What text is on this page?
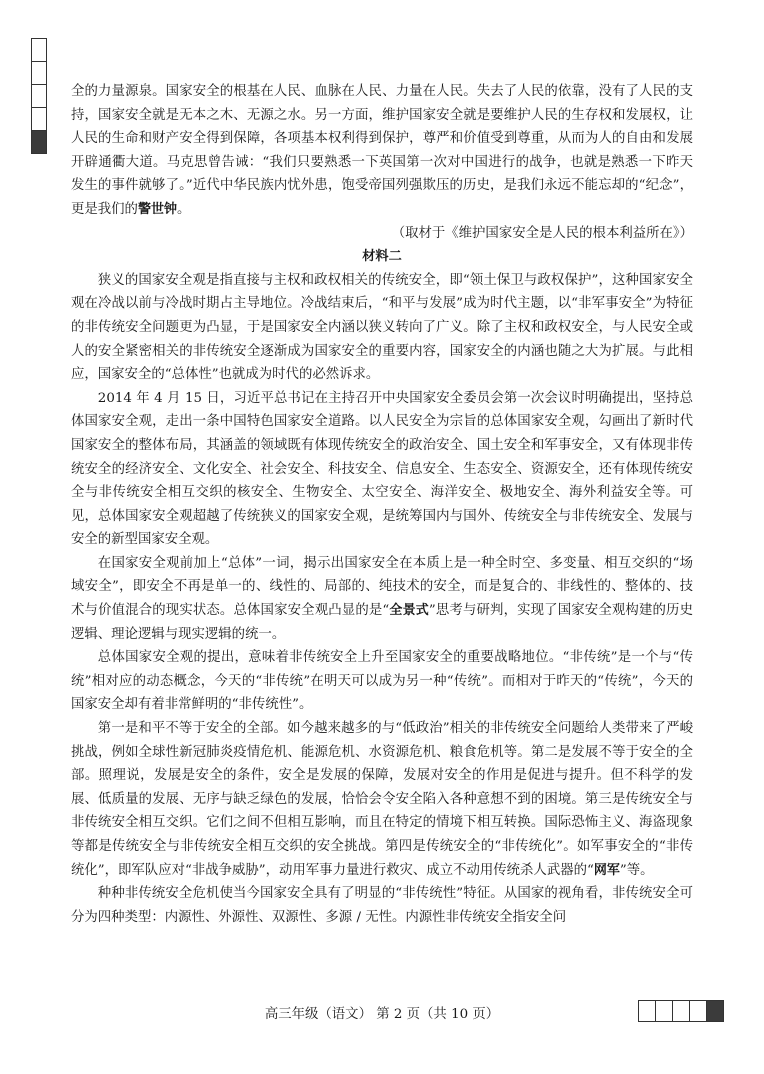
全的力量源泉。国家安全的根基在人民、血脉在人民、力量在人民。失去了人民的依靠，没有了人民的支持，国家安全就是无本之木、无源之水。另一方面，维护国家安全就是要维护人民的生存权和发展权，让人民的生命和财产安全得到保障，各项基本权利得到保护，尊严和价值受到尊重，从而为人的自由和发展开辟通衢大道。马克思曾告诫：“我们只要熟悉一下英国第一次对中国进行的战争，也就是熟悉一下昨天发生的事件就够了。”近代中华民族内忧外患，饱受帝国列强欺压的历史，是我们永远不能忘却的“纪念”，更是我们的警世钟。

（取材于《维护国家安全是人民的根本利益所在》）

材料二

狭义的国家安全观是指直接与主权和政权相关的传统安全，即“领土保卫与政权保护”，这种国家安全观在冷战以前与冷战时期占主导地位。冷战结束后，“和平与发展”成为时代主题，以“非军事安全”为特征的非传统安全问题更为凸显，于是国家安全内涵以狭义转向了广义。除了主权和政权安全，与人民安全或人的安全紧密相关的非传统安全逐渐成为国家安全的重要内容，国家安全的内涵也随之大为扩展。与此相应，国家安全的“总体性”也就成为时代的必然诉求。

2014 年 4 月 15 日，习近平总书记在主持召开中央国家安全委员会第一次会议时明确提出，坚持总体国家安全观，走出一条中国特色国家安全道路。以人民安全为宗旨的总体国家安全观，勾画出了新时代国家安全的整体布局，其涵盖的领域既有体现传统安全的政治安全、国土安全和军事安全，又有体现非传统安全的经济安全、文化安全、社会安全、科技安全、信息安全、生态安全、资源安全，还有体现传统安全与非传统安全相互交织的核安全、生物安全、太空安全、海洋安全、极地安全、海外利益安全等。可见，总体国家安全观超越了传统狭义的国家安全观，是统筹国内与国外、传统安全与非传统安全、发展与安全的新型国家安全观。

在国家安全观前加上“总体”一词，揭示出国家安全在本质上是一种全时空、多变量、相互交织的“场域安全”，即安全不再是单一的、线性的、局部的、纯技术的安全，而是复合的、非线性的、整体的、技术与价值混合的现实状态。总体国家安全观凸显的是“全景式”思考与研判，实现了国家安全观构建的历史逻辑、理论逻辑与现实逻辑的统一。

总体国家安全观的提出，意味着非传统安全上升至国家安全的重要战略地位。“非传统”是一个与“传统”相对应的动态概念，今天的“非传统”在明天可以成为另一种“传统”。而相对于昨天的“传统”，今天的国家安全却有着非常鲜明的“非传统性”。

第一是和平不等于安全的全部。如今越来越多的与“低政治”相关的非传统安全问题给人类带来了严峻挑战，例如全球性新冠肺炎疫情危机、能源危机、水资源危机、粮食危机等。第二是发展不等于安全的全部。照理说，发展是安全的条件，安全是发展的保障，发展对安全的作用是促进与提升。但不科学的发展、低质量的发展、无序与缺乏绿色的发展，恰恰会令安全陷入各种意想不到的困境。第三是传统安全与非传统安全相互交织。它们之间不但相互影响，而且在特定的情境下相互转换。国际恐怖主义、海盗现象等都是传统安全与非传统安全相互交织的安全挑战。第四是传统安全的“非传统化”。如军事安全的“非传统化”，即军队应对“非战争威胁”，动用军事力量进行救灾、成立不动用传统杀人武器的“网军”等。

种种非传统安全危机使当今国家安全具有了明显的“非传统性”特征。从国家的视角看，非传统安全可分为四种类型：内源性、外源性、双源性、多源 / 无性。内源性非传统安全指安全问

高三年级（语文） 第 2 页（共 10 页）
